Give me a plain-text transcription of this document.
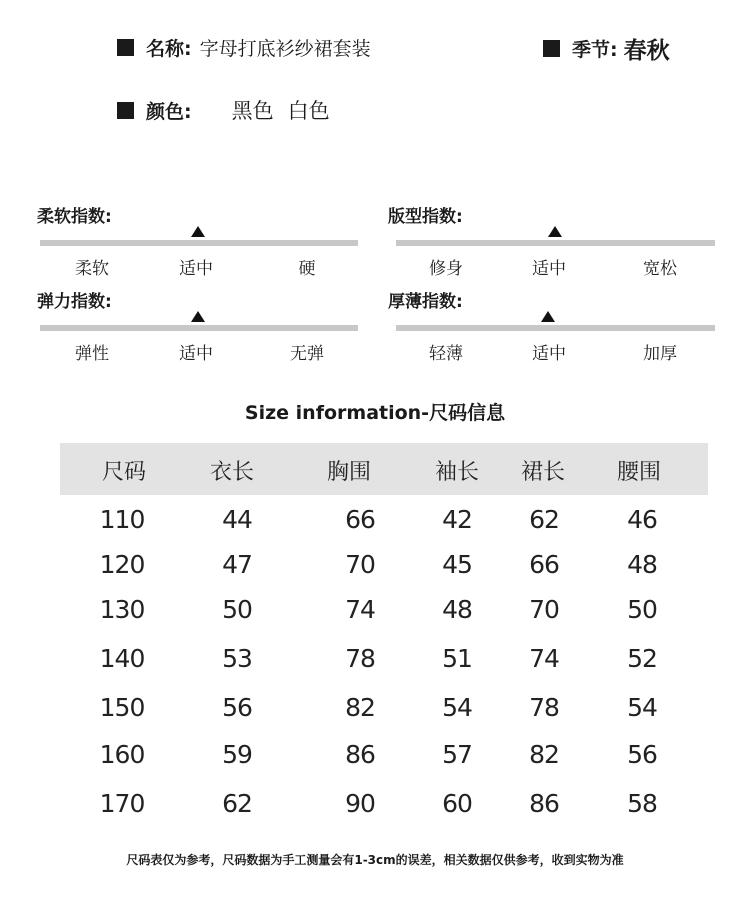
名称: 字母打底衫纱裙套装	季节: 春秋
颜色: 黑色 白色
柔软指数:
柔软	适中	硬
版型指数:
修身	适中	宽松
弹力指数:
弹性	适中	无弹
厚薄指数:
轻薄	适中	加厚
Size information-尺码信息
尺码	衣长	胸围	袖长 裙长 腰围
110	44	66	42 62	46
120	47	70	45 66	48
130	50	74	48 70	50
140	53	78	51 74	52
150	56	82	54 78	54
160	59	86	57 82	56
170	62	90	60 86	58
尺码表仅为参考，尺码数据为手工测量会有1-3cm的误差，相关数据仅供参考，收到实物为准
